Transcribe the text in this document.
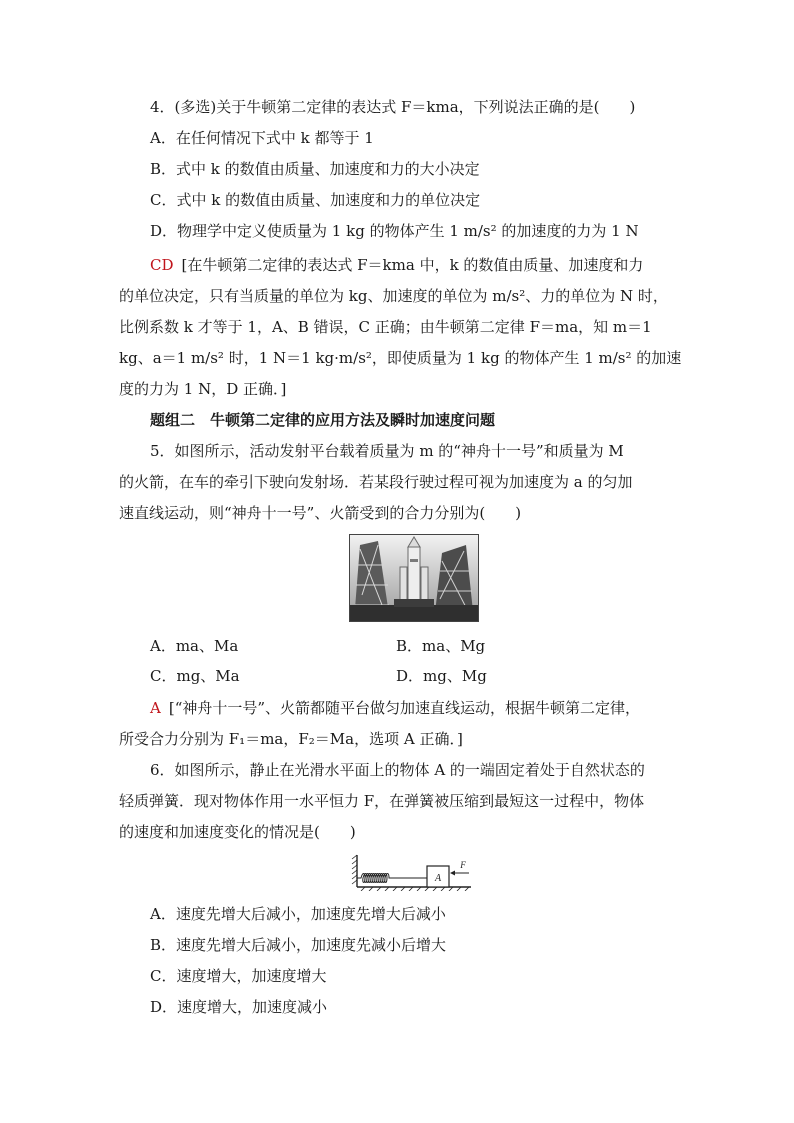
4．(多选)关于牛顿第二定律的表达式 F＝kma，下列说法正确的是(　　)
A．在任何情况下式中 k 都等于 1
B．式中 k 的数值由质量、加速度和力的大小决定
C．式中 k 的数值由质量、加速度和力的单位决定
D．物理学中定义使质量为 1 kg 的物体产生 1 m/s² 的加速度的力为 1 N
CD [在牛顿第二定律的表达式 F＝kma 中，k 的数值由质量、加速度和力
的单位决定，只有当质量的单位为 kg、加速度的单位为 m/s²、力的单位为 N 时，
比例系数 k 才等于 1，A、B 错误，C 正确；由牛顿第二定律 F＝ma，知 m＝1
kg、a＝1 m/s² 时，1 N＝1 kg·m/s²，即使质量为 1 kg 的物体产生 1 m/s² 的加速
度的力为 1 N，D 正确．]
题组二　牛顿第二定律的应用方法及瞬时加速度问题
5．如图所示，活动发射平台载着质量为 m 的“神舟十一号”和质量为 M
的火箭，在车的牵引下驶向发射场．若某段行驶过程可视为加速度为 a 的匀加
速直线运动，则“神舟十一号”、火箭受到的合力分别为(　　)
A．ma、Ma	B．ma、Mg
C．mg、Ma	D．mg、Mg
A [“神舟十一号”、火箭都随平台做匀加速直线运动，根据牛顿第二定律，
所受合力分别为 F₁＝ma，F₂＝Ma，选项 A 正确．]
6．如图所示，静止在光滑水平面上的物体 A 的一端固定着处于自然状态的
轻质弹簧．现对物体作用一水平恒力 F，在弹簧被压缩到最短这一过程中，物体
的速度和加速度变化的情况是(　　)
A
F
A．速度先增大后减小，加速度先增大后减小
B．速度先增大后减小，加速度先减小后增大
C．速度增大，加速度增大
D．速度增大，加速度减小
